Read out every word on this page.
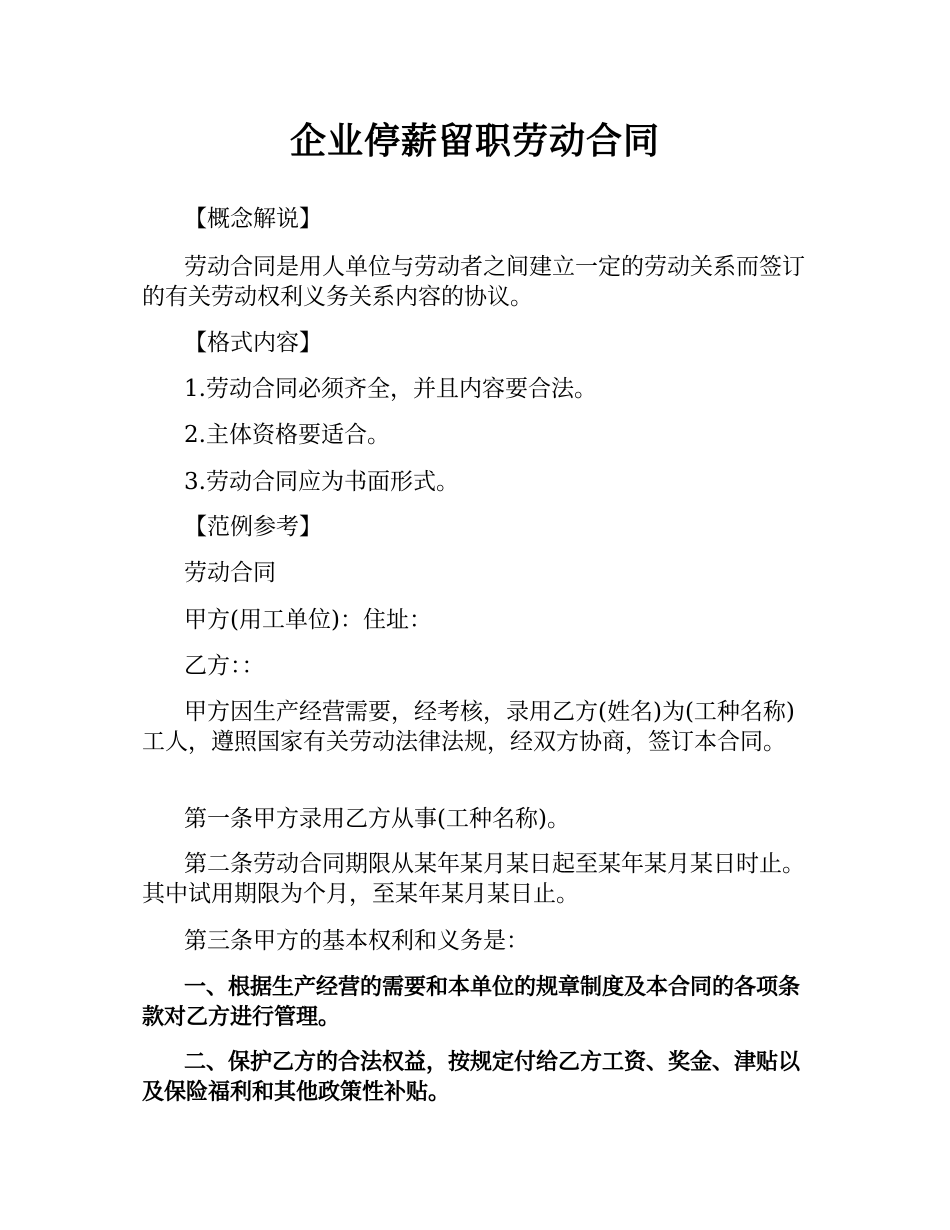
企业停薪留职劳动合同
【概念解说】
劳动合同是用人单位与劳动者之间建立一定的劳动关系而签订的有关劳动权利义务关系内容的协议。
【格式内容】
1.劳动合同必须齐全，并且内容要合法。
2.主体资格要适合。
3.劳动合同应为书面形式。
【范例参考】
劳动合同
甲方(用工单位)：住址：
乙方：：
甲方因生产经营需要，经考核，录用乙方(姓名)为(工种名称)工人，遵照国家有关劳动法律法规，经双方协商，签订本合同。
第一条甲方录用乙方从事(工种名称)。
第二条劳动合同期限从某年某月某日起至某年某月某日时止。其中试用期限为个月，至某年某月某日止。
第三条甲方的基本权利和义务是：
一、根据生产经营的需要和本单位的规章制度及本合同的各项条款对乙方进行管理。
二、保护乙方的合法权益，按规定付给乙方工资、奖金、津贴以及保险福利和其他政策性补贴。
